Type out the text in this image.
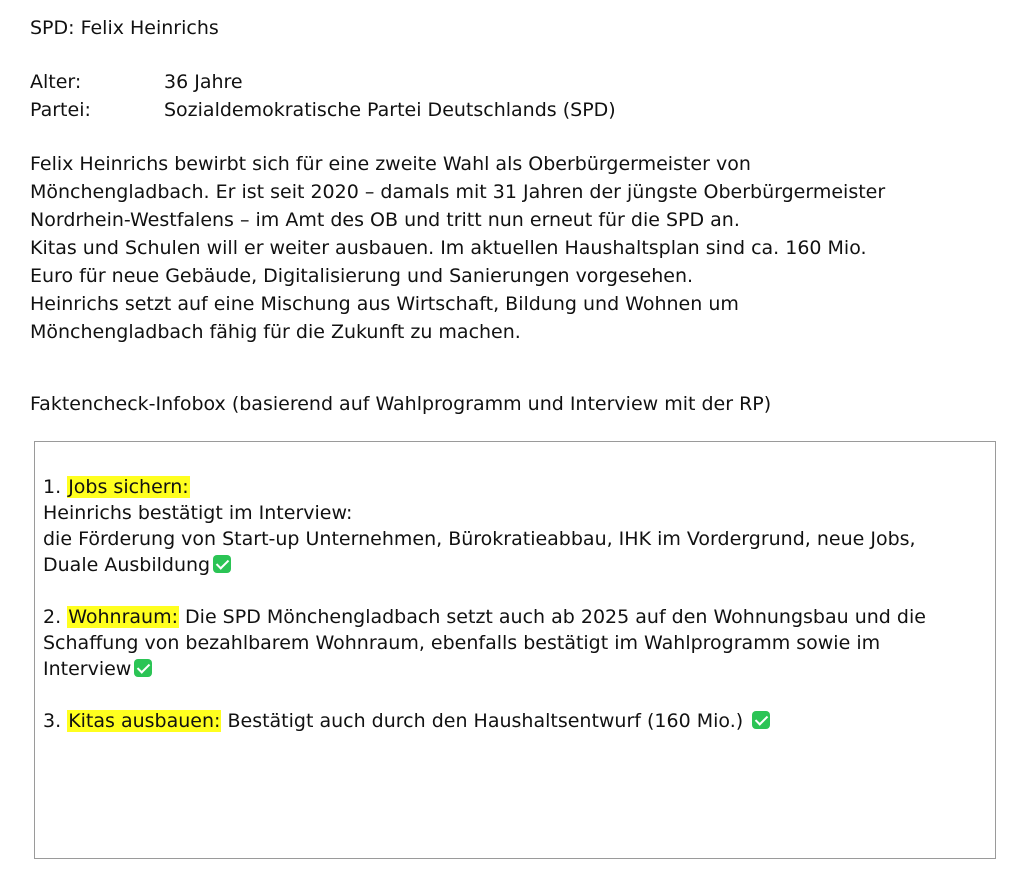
SPD: Felix Heinrichs
Alter:	36 Jahre
Partei:	Sozialdemokratische Partei Deutschlands (SPD)
Felix Heinrichs bewirbt sich für eine zweite Wahl als Oberbürgermeister von
Mönchengladbach. Er ist seit 2020 – damals mit 31 Jahren der jüngste Oberbürgermeister
Nordrhein-Westfalens – im Amt des OB und tritt nun erneut für die SPD an.
Kitas und Schulen will er weiter ausbauen. Im aktuellen Haushaltsplan sind ca. 160 Mio.
Euro für neue Gebäude, Digitalisierung und Sanierungen vorgesehen.
Heinrichs setzt auf eine Mischung aus Wirtschaft, Bildung und Wohnen um
Mönchengladbach fähig für die Zukunft zu machen.
Faktencheck-Infobox (basierend auf Wahlprogramm und Interview mit der RP)
1. Jobs sichern:
Heinrichs bestätigt im Interview:
die Förderung von Start-up Unternehmen, Bürokratieabbau, IHK im Vordergrund, neue Jobs,
Duale Ausbildung
2. Wohnraum: Die SPD Mönchengladbach setzt auch ab 2025 auf den Wohnungsbau und die
Schaffung von bezahlbarem Wohnraum, ebenfalls bestätigt im Wahlprogramm sowie im
Interview
3. Kitas ausbauen: Bestätigt auch durch den Haushaltsentwurf (160 Mio.)
